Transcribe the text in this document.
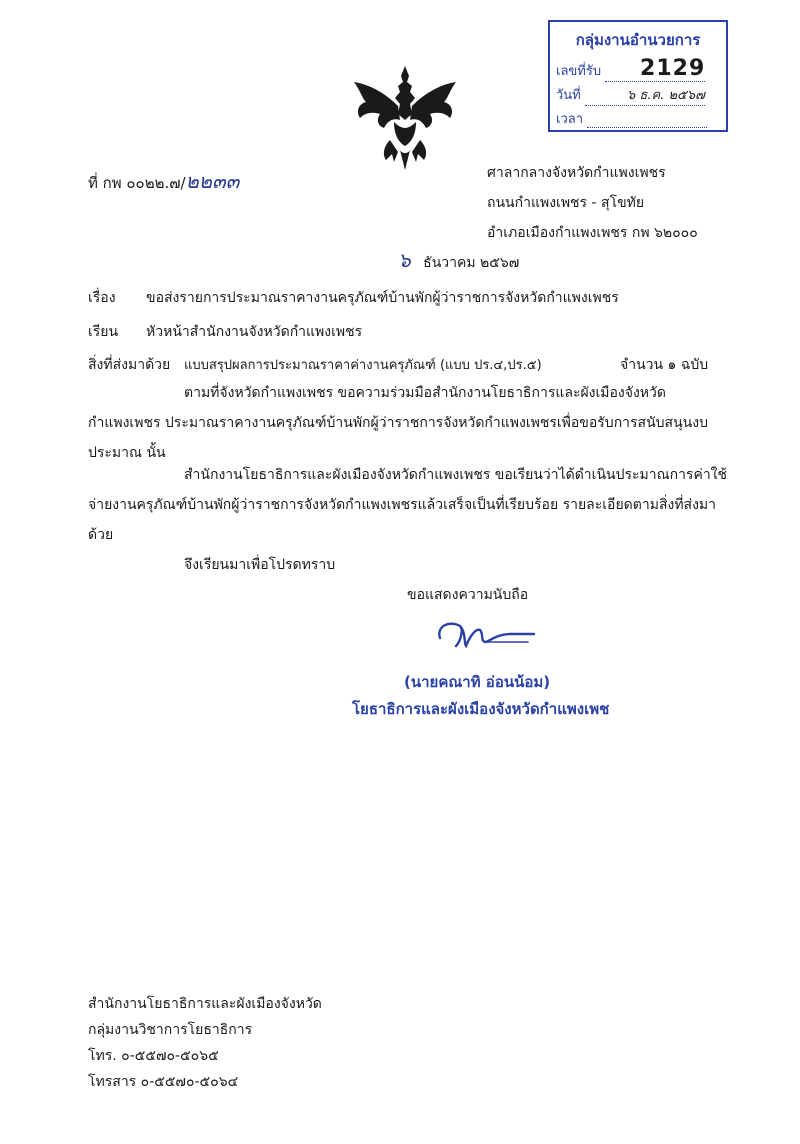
กลุ่มงานอำนวยการ
เลขที่รับ 2129
วันที่	๖ ธ.ค. ๒๕๖๗
เวลา
ที่ กพ ๐๐๒๒.๗/๒๒๓๓	ศาลากลางจังหวัดกำแพงเพชร
ถนนกำแพงเพชร - สุโขทัย
อำเภอเมืองกำแพงเพชร กพ ๖๒๐๐๐
๖ ธันวาคม ๒๕๖๗
เรื่อง ขอส่งรายการประมาณราคางานครุภัณฑ์บ้านพักผู้ว่าราชการจังหวัดกำแพงเพชร
เรียน หัวหน้าสำนักงานจังหวัดกำแพงเพชร
สิ่งที่ส่งมาด้วย แบบสรุปผลการประมาณราคาค่างานครุภัณฑ์ (แบบ ปร.๔,ปร.๕)	จำนวน ๑ ฉบับ
ตามที่จังหวัดกำแพงเพชร ขอความร่วมมือสำนักงานโยธาธิการและผังเมืองจังหวัดกำแพงเพชร ประมาณราคางานครุภัณฑ์บ้านพักผู้ว่าราชการจังหวัดกำแพงเพชรเพื่อขอรับการสนับสนุนงบประมาณ นั้น
สำนักงานโยธาธิการและผังเมืองจังหวัดกำแพงเพชร ขอเรียนว่าได้ดำเนินประมาณการค่าใช้จ่ายงานครุภัณฑ์บ้านพักผู้ว่าราชการจังหวัดกำแพงเพชรแล้วเสร็จเป็นที่เรียบร้อย รายละเอียดตามสิ่งที่ส่งมาด้วย
จึงเรียนมาเพื่อโปรดทราบ
ขอแสดงความนับถือ
(นายคณาทิ อ่อนน้อม)
โยธาธิการและผังเมืองจังหวัดกำแพงเพช
สำนักงานโยธาธิการและผังเมืองจังหวัด
กลุ่มงานวิชาการโยธาธิการ
โทร. ๐-๕๕๗๐-๕๐๖๕
โทรสาร ๐-๕๕๗๐-๕๐๖๔
